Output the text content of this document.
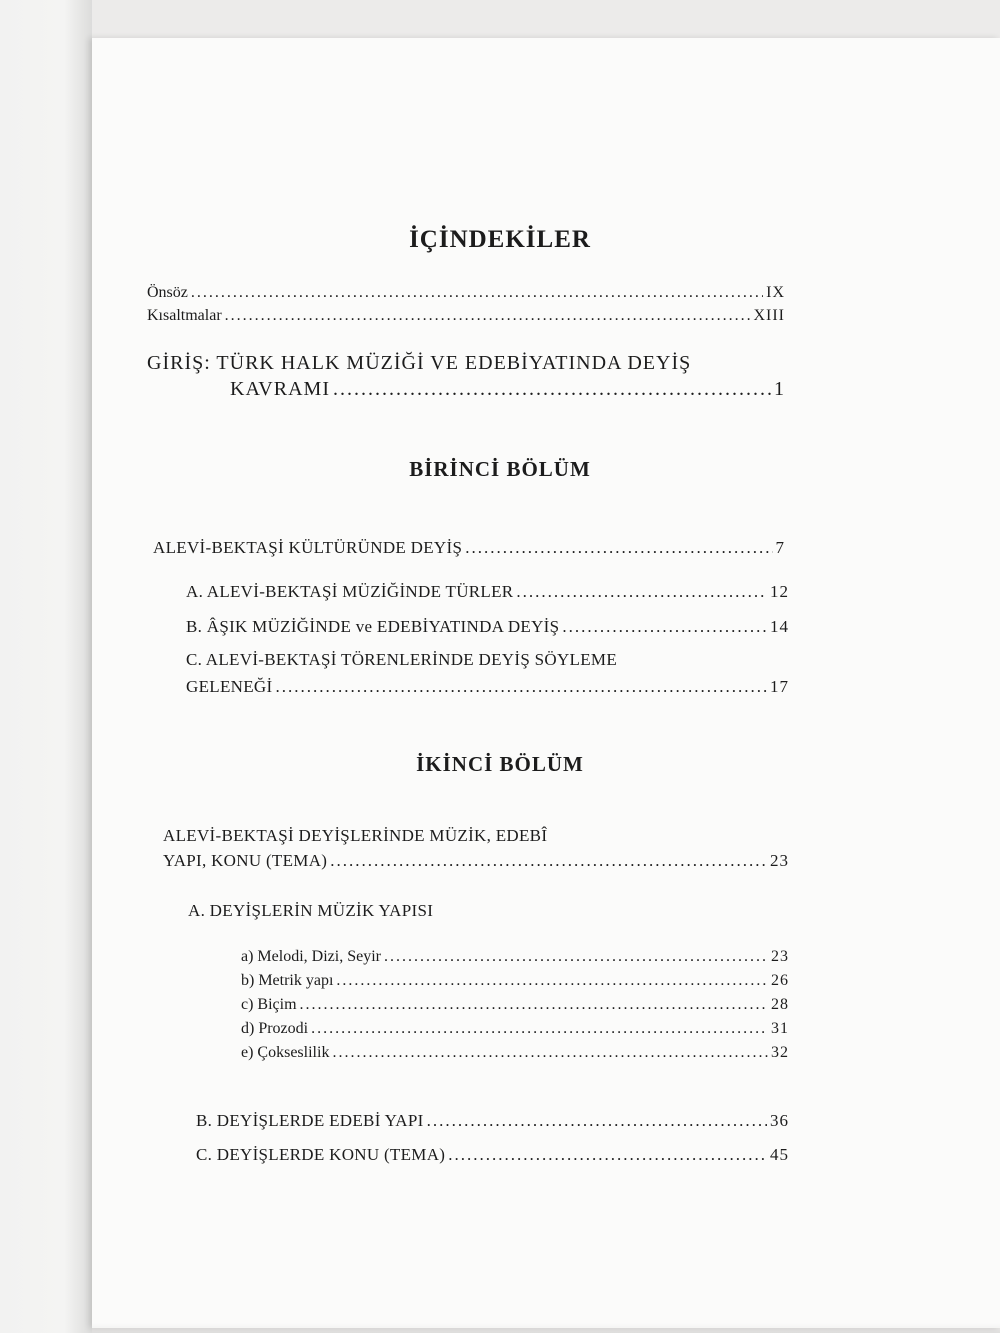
İÇİNDEKİLER
Önsöz .....	IX
Kısaltmalar .....	XIII
GİRİŞ: TÜRK HALK MÜZİĞİ VE EDEBİYATINDA DEYİŞ
KAVRAMI .....	1
BİRİNCİ BÖLÜM
ALEVİ-BEKTAŞİ KÜLTÜRÜNDE DEYİŞ .....	7
A. ALEVİ-BEKTAŞİ MÜZİĞİNDE TÜRLER .....	12
B. ÂŞIK MÜZİĞİNDE ve EDEBİYATINDA DEYİŞ .....	14
C. ALEVİ-BEKTAŞİ TÖRENLERİNDE DEYİŞ SÖYLEME
GELENEĞİ .....	17
İKİNCİ BÖLÜM
ALEVİ-BEKTAŞİ DEYİŞLERİNDE MÜZİK, EDEBÎ
YAPI, KONU (TEMA) .....	23
A. DEYİŞLERİN MÜZİK YAPISI
a) Melodi, Dizi, Seyir .....	23
b) Metrik yapı .....	26
c) Biçim .....	28
d) Prozodi .....	31
e) Çokseslilik .....	32
B. DEYİŞLERDE EDEBİ YAPI .....	36
C. DEYİŞLERDE KONU (TEMA) .....	45
